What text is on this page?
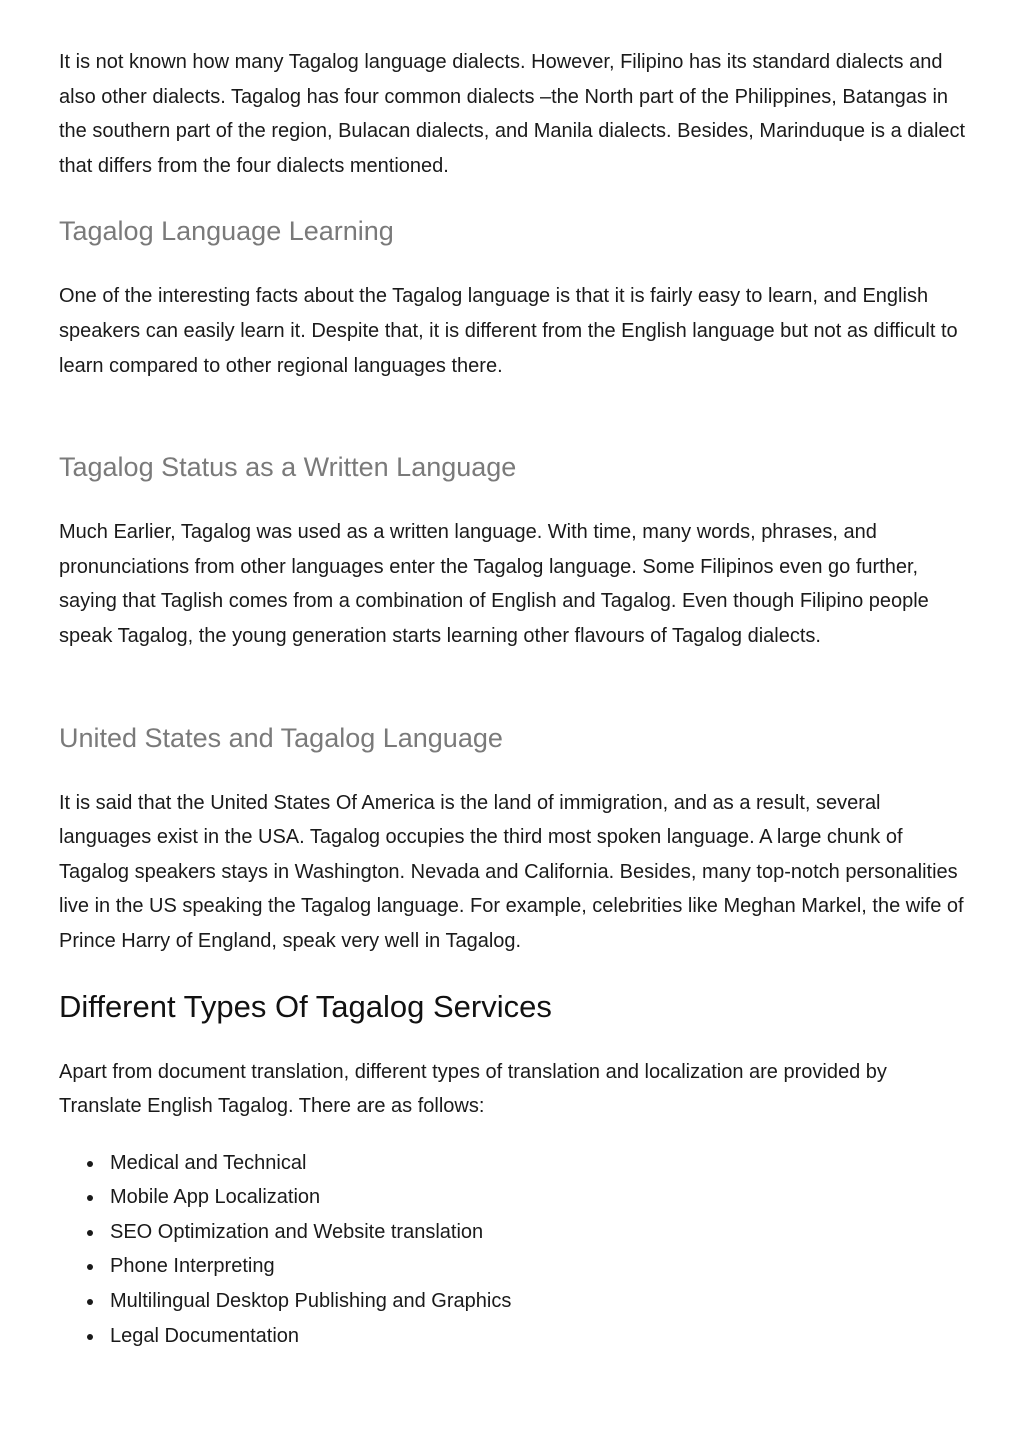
It is not known how many Tagalog language dialects. However, Filipino has its standard dialects and also other dialects. Tagalog has four common dialects –the North part of the Philippines, Batangas in the southern part of the region, Bulacan dialects, and Manila dialects. Besides, Marinduque is a dialect that differs from the four dialects mentioned.

Tagalog Language Learning

One of the interesting facts about the Tagalog language is that it is fairly easy to learn, and English speakers can easily learn it. Despite that, it is different from the English language but not as difficult to learn compared to other regional languages there.

Tagalog Status as a Written Language

Much Earlier, Tagalog was used as a written language. With time, many words, phrases, and pronunciations from other languages enter the Tagalog language. Some Filipinos even go further, saying that Taglish comes from a combination of English and Tagalog. Even though Filipino people speak Tagalog, the young generation starts learning other flavours of Tagalog dialects.

United States and Tagalog Language

It is said that the United States Of America is the land of immigration, and as a result, several languages exist in the USA. Tagalog occupies the third most spoken language. A large chunk of Tagalog speakers stays in Washington. Nevada and California. Besides, many top-notch personalities live in the US speaking the Tagalog language. For example, celebrities like Meghan Markel, the wife of Prince Harry of England, speak very well in Tagalog.

Different Types Of Tagalog Services

Apart from document translation, different types of translation and localization are provided by Translate English Tagalog. There are as follows:

Medical and Technical
Mobile App Localization
SEO Optimization and Website translation
Phone Interpreting
Multilingual Desktop Publishing and Graphics
Legal Documentation
